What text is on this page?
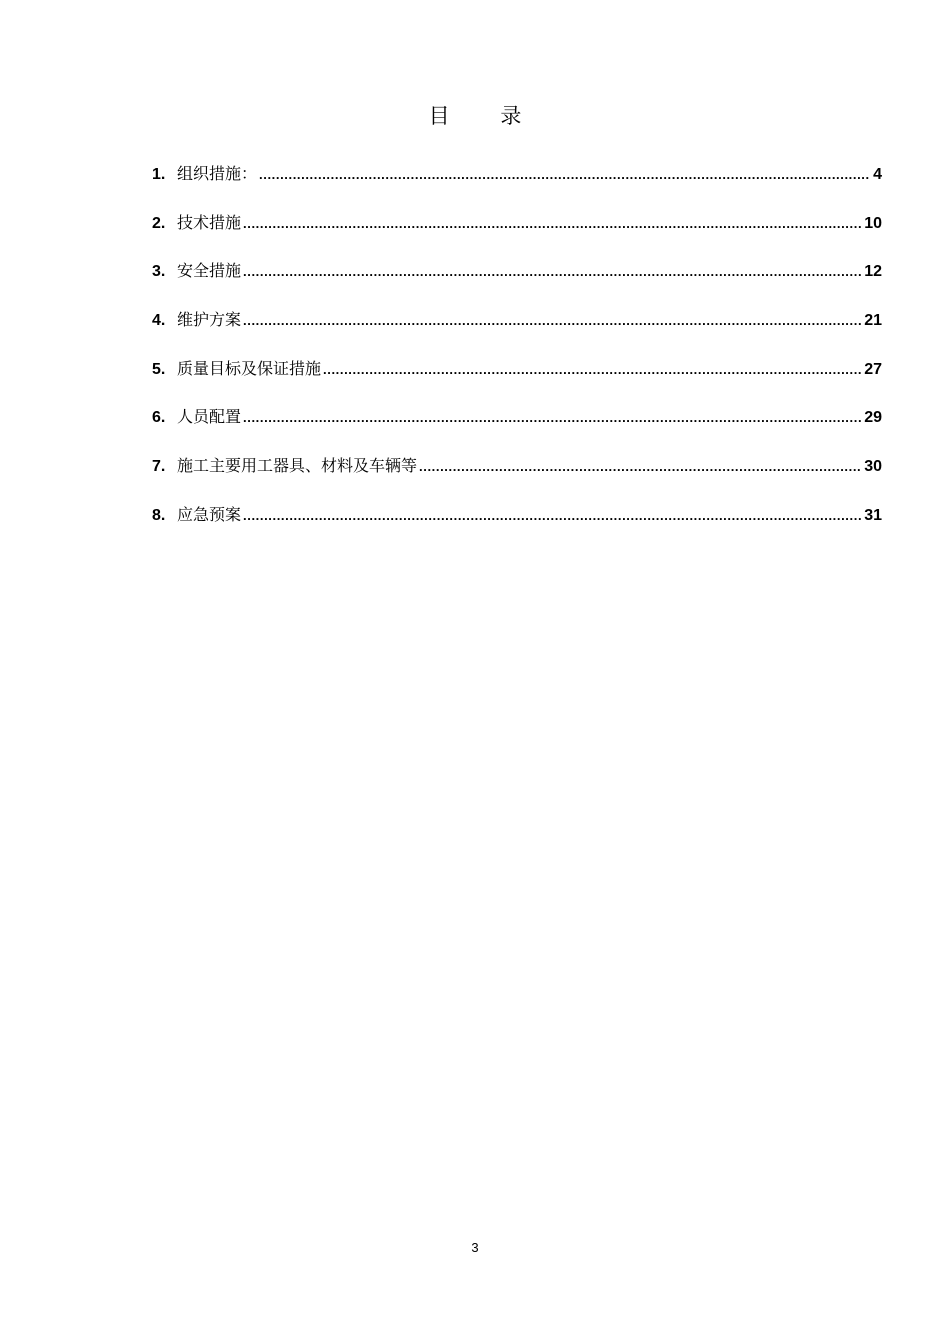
目 录
1. 组织措施： .....	4
2. 技术措施 .....	10
3. 安全措施 .....	12
4. 维护方案 .....	21
5. 质量目标及保证措施 .....	27
6. 人员配置 .....	29
7. 施工主要用工器具、材料及车辆等 .....	30
8. 应急预案 .....	31
3
